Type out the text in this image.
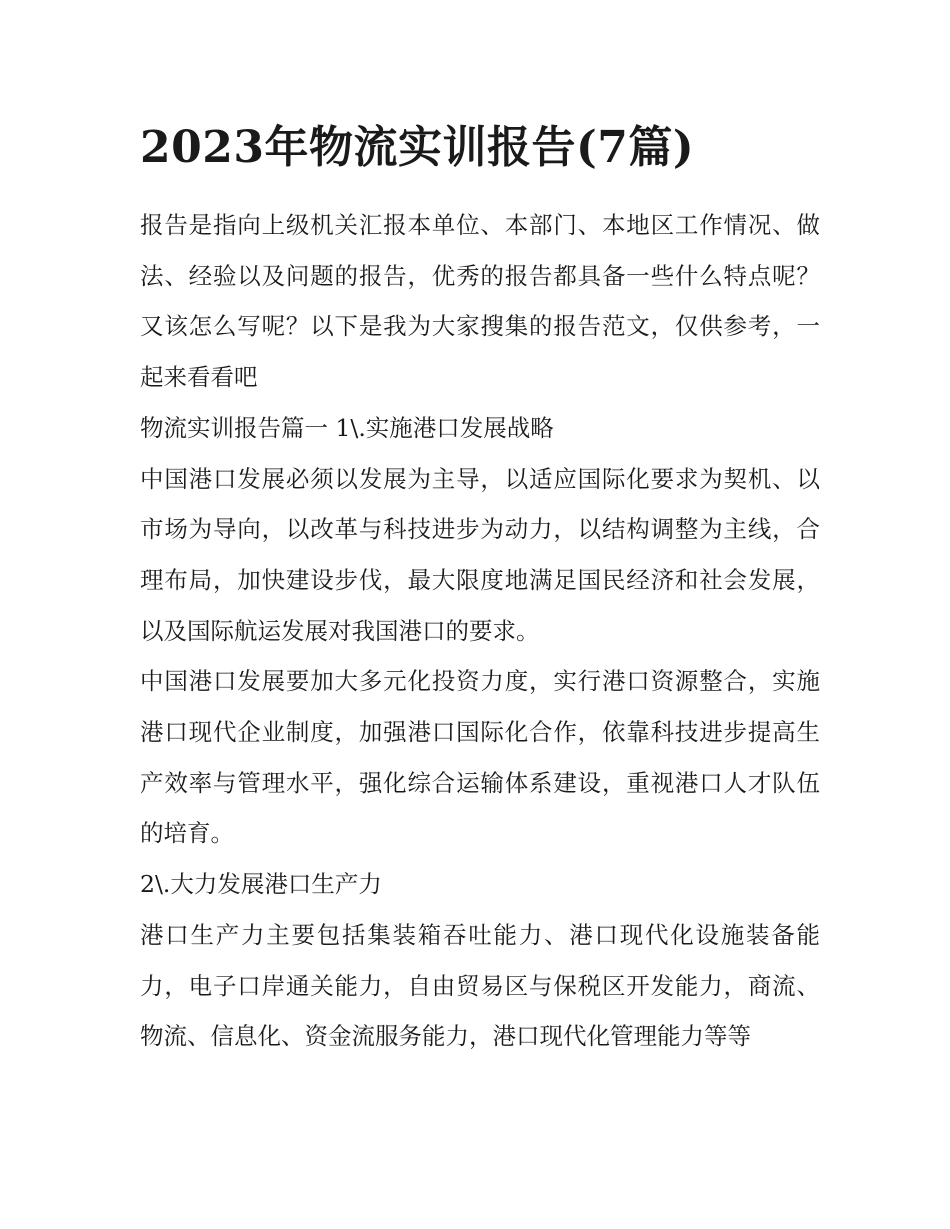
2023年物流实训报告(7篇)

报告是指向上级机关汇报本单位、本部门、本地区工作情况、做法、经验以及问题的报告，优秀的报告都具备一些什么特点呢？又该怎么写呢？以下是我为大家搜集的报告范文，仅供参考，一起来看看吧

物流实训报告篇一 1\.实施港口发展战略

中国港口发展必须以发展为主导，以适应国际化要求为契机、以市场为导向，以改革与科技进步为动力，以结构调整为主线，合理布局，加快建设步伐，最大限度地满足国民经济和社会发展，以及国际航运发展对我国港口的要求。

中国港口发展要加大多元化投资力度，实行港口资源整合，实施港口现代企业制度，加强港口国际化合作，依靠科技进步提高生产效率与管理水平，强化综合运输体系建设，重视港口人才队伍的培育。

2\.大力发展港口生产力

港口生产力主要包括集装箱吞吐能力、港口现代化设施装备能力，电子口岸通关能力，自由贸易区与保税区开发能力，商流、物流、信息化、资金流服务能力，港口现代化管理能力等等
